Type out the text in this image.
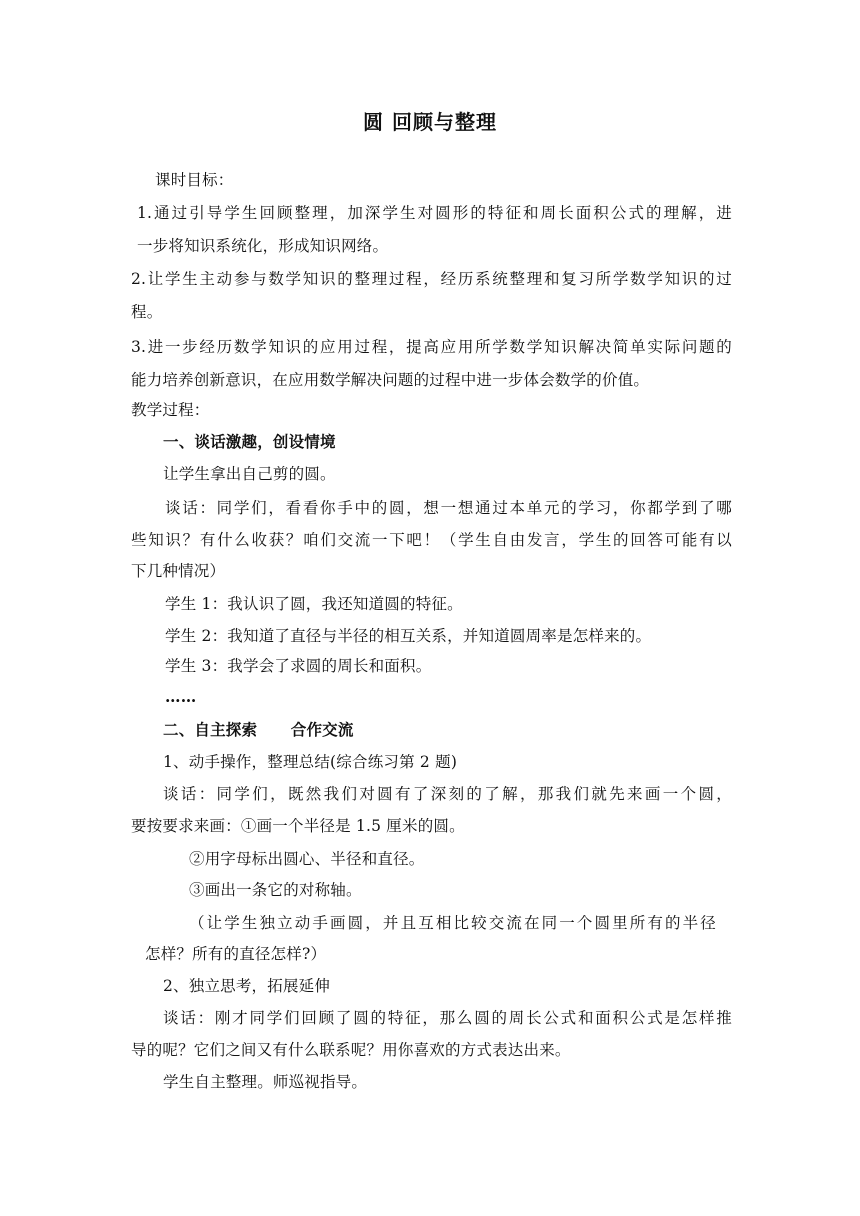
圆 回顾与整理
课时目标：
1.通过引导学生回顾整理，加深学生对圆形的特征和周长面积公式的理解，进
一步将知识系统化，形成知识网络。
2.让学生主动参与数学知识的整理过程，经历系统整理和复习所学数学知识的过
程。
3.进一步经历数学知识的应用过程，提高应用所学数学知识解决简单实际问题的
能力培养创新意识，在应用数学解决问题的过程中进一步体会数学的价值。
教学过程：
一、谈话激趣，创设情境
让学生拿出自己剪的圆。
谈话：同学们，看看你手中的圆，想一想通过本单元的学习，你都学到了哪
些知识？有什么收获？咱们交流一下吧！（学生自由发言，学生的回答可能有以
下几种情况）
学生 1：我认识了圆，我还知道圆的特征。
学生 2：我知道了直径与半径的相互关系，并知道圆周率是怎样来的。
学生 3：我学会了求圆的周长和面积。
……
二、自主探索      合作交流
1、动手操作，整理总结(综合练习第 2 题)
谈话：同学们，既然我们对圆有了深刻的了解，那我们就先来画一个圆，
要按要求来画：①画一个半径是 1.5 厘米的圆。
②用字母标出圆心、半径和直径。
③画出一条它的对称轴。
（让学生独立动手画圆，并且互相比较交流在同一个圆里所有的半径
怎样？所有的直径怎样?）
2、独立思考，拓展延伸
谈话：刚才同学们回顾了圆的特征，那么圆的周长公式和面积公式是怎样推
导的呢？它们之间又有什么联系呢？用你喜欢的方式表达出来。
学生自主整理。师巡视指导。
